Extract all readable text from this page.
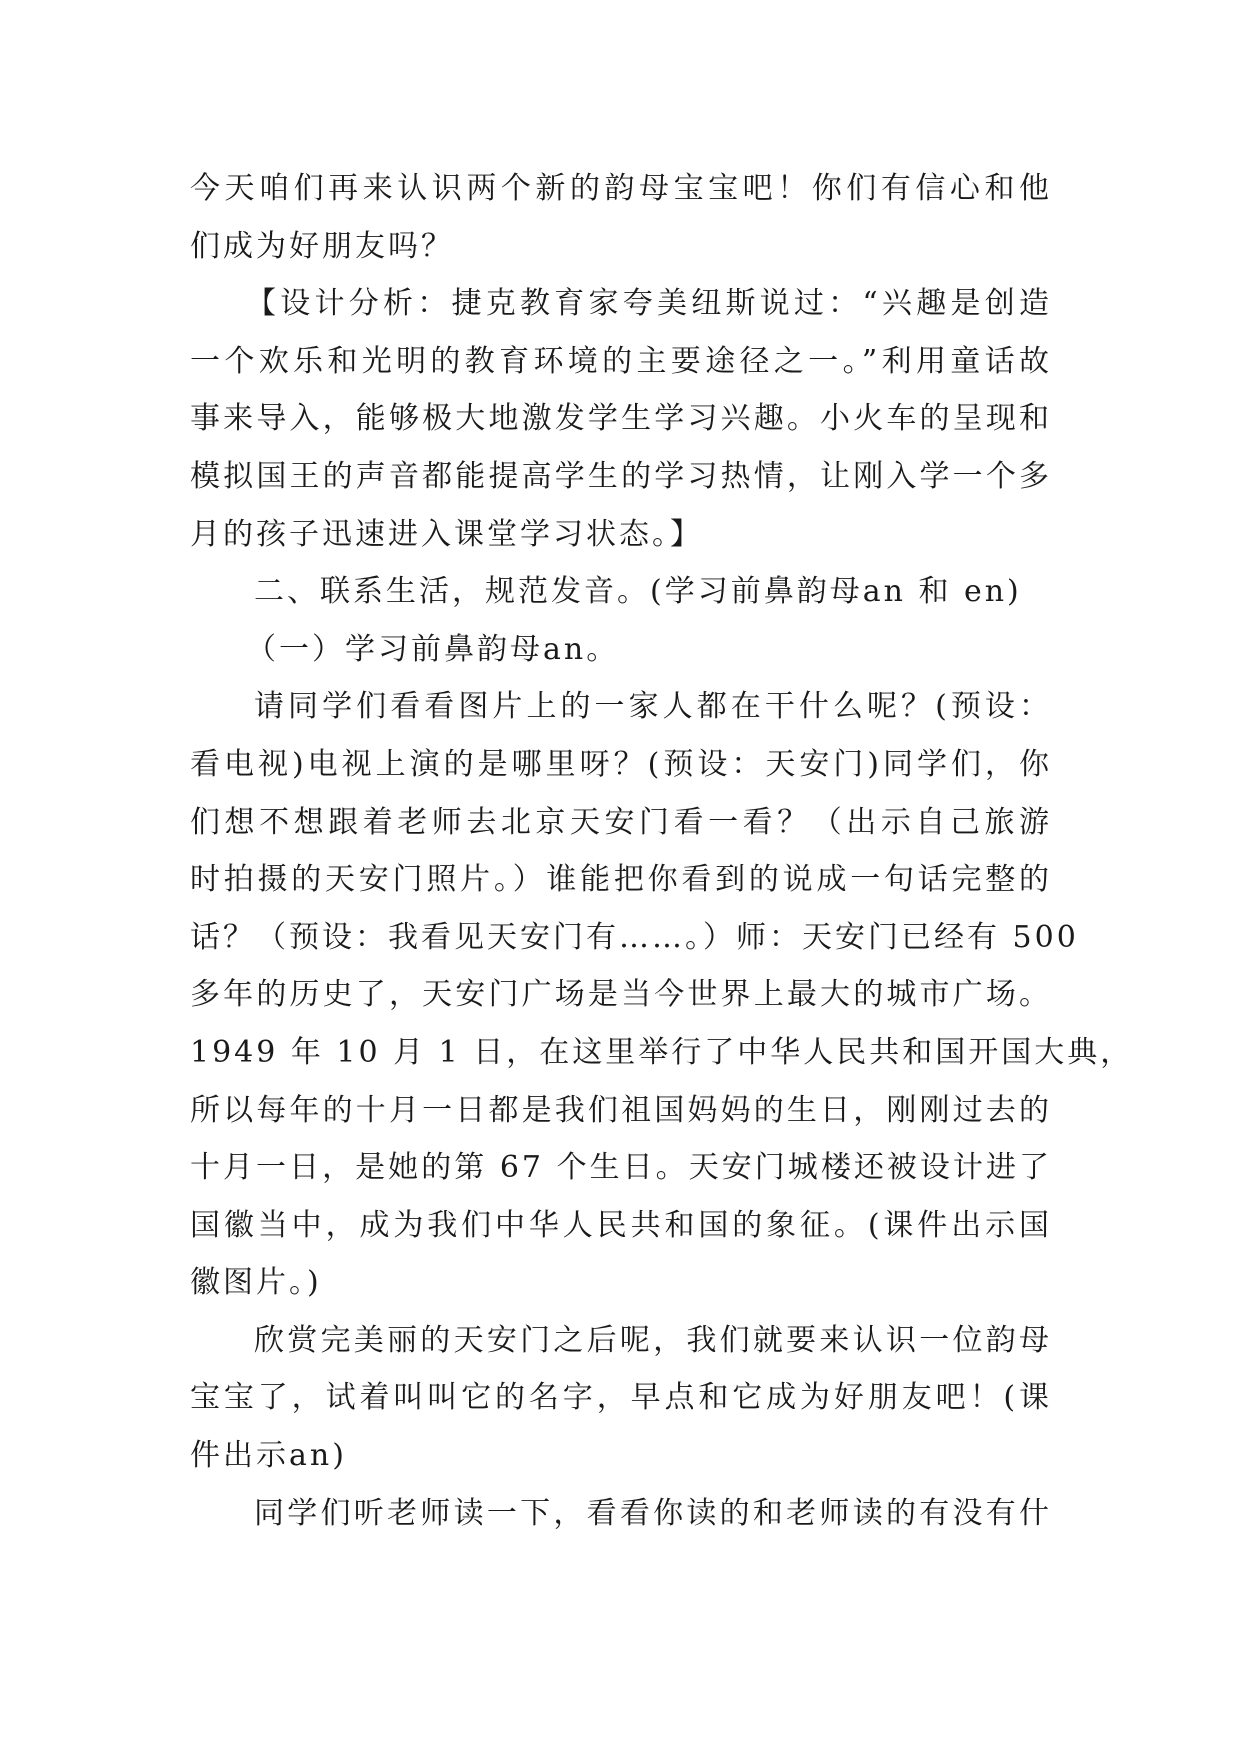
今天咱们再来认识两个新的韵母宝宝吧！你们有信心和他
们成为好朋友吗？
【设计分析：捷克教育家夸美纽斯说过：“兴趣是创造
一个欢乐和光明的教育环境的主要途径之一。”利用童话故
事来导入，能够极大地激发学生学习兴趣。小火车的呈现和
模拟国王的声音都能提高学生的学习热情，让刚入学一个多
月的孩子迅速进入课堂学习状态。】
二、联系生活，规范发音。(学习前鼻韵母an 和 en)
（一）学习前鼻韵母an。
请同学们看看图片上的一家人都在干什么呢？(预设：
看电视)电视上演的是哪里呀？(预设：天安门)同学们，你
们想不想跟着老师去北京天安门看一看？（出示自己旅游
时拍摄的天安门照片。）谁能把你看到的说成一句话完整的
话？（预设：我看见天安门有……。）师：天安门已经有 500
多年的历史了，天安门广场是当今世界上最大的城市广场。
1949 年 10 月 1 日，在这里举行了中华人民共和国开国大典，
所以每年的十月一日都是我们祖国妈妈的生日，刚刚过去的
十月一日，是她的第 67 个生日。天安门城楼还被设计进了
国徽当中，成为我们中华人民共和国的象征。(课件出示国
徽图片。)
欣赏完美丽的天安门之后呢，我们就要来认识一位韵母
宝宝了，试着叫叫它的名字，早点和它成为好朋友吧！(课
件出示an)
同学们听老师读一下，看看你读的和老师读的有没有什
